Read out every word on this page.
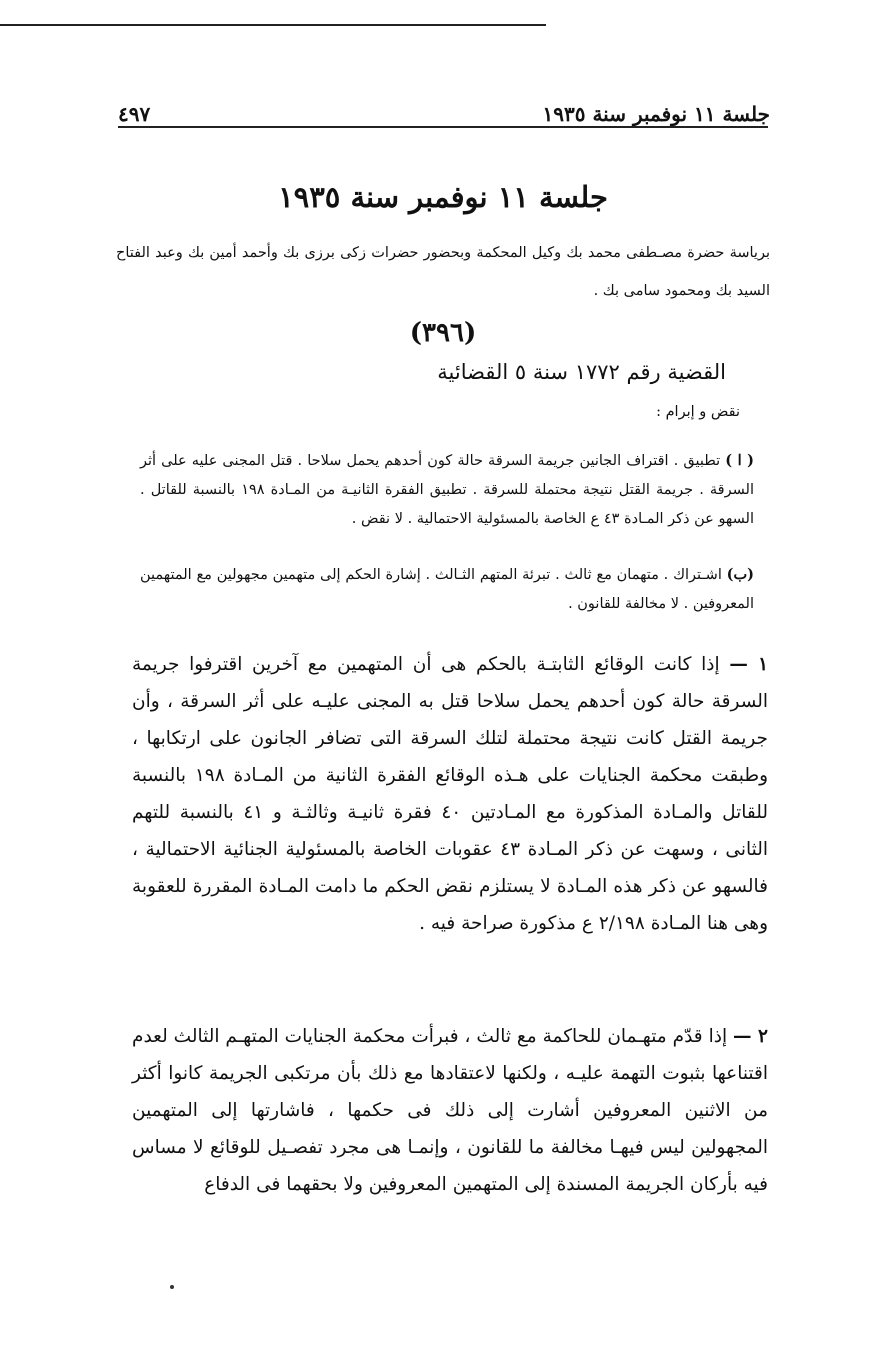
جلسة ١١ نوفمبر سنة ١٩٣٥
٤٩٧
جلسة ١١ نوفمبر سنة ١٩٣٥
برياسة حضرة مصـطفى محمد بك وكيل المحكمة وبحضور حضرات زكى برزى بك وأحمد أمين بك وعبد الفتاح السيد بك ومحمود سامى بك .
(٣٩٦)
القضية رقم ١٧٧٢ سنة ٥ القضائية
نقض و إبرام :
( ا ) تطبيق . اقتراف الجانين جريمة السرقة حالة كون أحدهم يحمل سلاحا . قتل المجنى عليه على أثر السرقة . جريمة القتل نتيجة محتملة للسرقة . تطبيق الفقرة الثانيـة من المـادة ١٩٨ بالنسبة للقاتل . السهو عن ذكر المـادة ٤٣ ع الخاصة بالمسئولية الاحتمالية . لا نقض .
(ب) اشـتراك . متهمان مع ثالث . تبرئة المتهم الثـالث . إشارة الحكم إلى متهمين مجهولين مع المتهمين المعروفين . لا مخالفة للقانون .
١ — إذا كانت الوقائع الثابتـة بالحكم هى أن المتهمين مع آخرين اقترفوا جريمة السرقة حالة كون أحدهم يحمل سلاحا قتل به المجنى عليـه على أثر السرقة ، وأن جريمة القتل كانت نتيجة محتملة لتلك السرقة التى تضافر الجانون على ارتكابها ، وطبقت محكمة الجنايات على هـذه الوقائع الفقرة الثانية من المـادة ١٩٨ بالنسبة للقاتل والمـادة المذكورة مع المـادتين ٤٠ فقرة ثانيـة وثالثـة و ٤١ بالنسبة للتهم الثانى ، وسهت عن ذكر المـادة ٤٣ عقوبات الخاصة بالمسئولية الجنائية الاحتمالية ، فالسهو عن ذكر هذه المـادة لا يستلزم نقض الحكم ما دامت المـادة المقررة للعقوبة وهى هنا المـادة ٢/١٩٨ ع مذكورة صراحة فيه .
٢ — إذا قدّم متهـمان للحاكمة مع ثالث ، فبرأت محكمة الجنايات المتهـم الثالث لعدم اقتناعها بثبوت التهمة عليـه ، ولكنها لاعتقادها مع ذلك بأن مرتكبى الجريمة كانوا أكثر من الاثنين المعروفين أشارت إلى ذلك فى حكمها ، فاشارتها إلى المتهمين المجهولين ليس فيهـا مخالفة ما للقانون ، وإنمـا هى مجرد تفصـيل للوقائع لا مساس فيه بأركان الجريمة المسندة إلى المتهمين المعروفين ولا بحقهما فى الدفاع
